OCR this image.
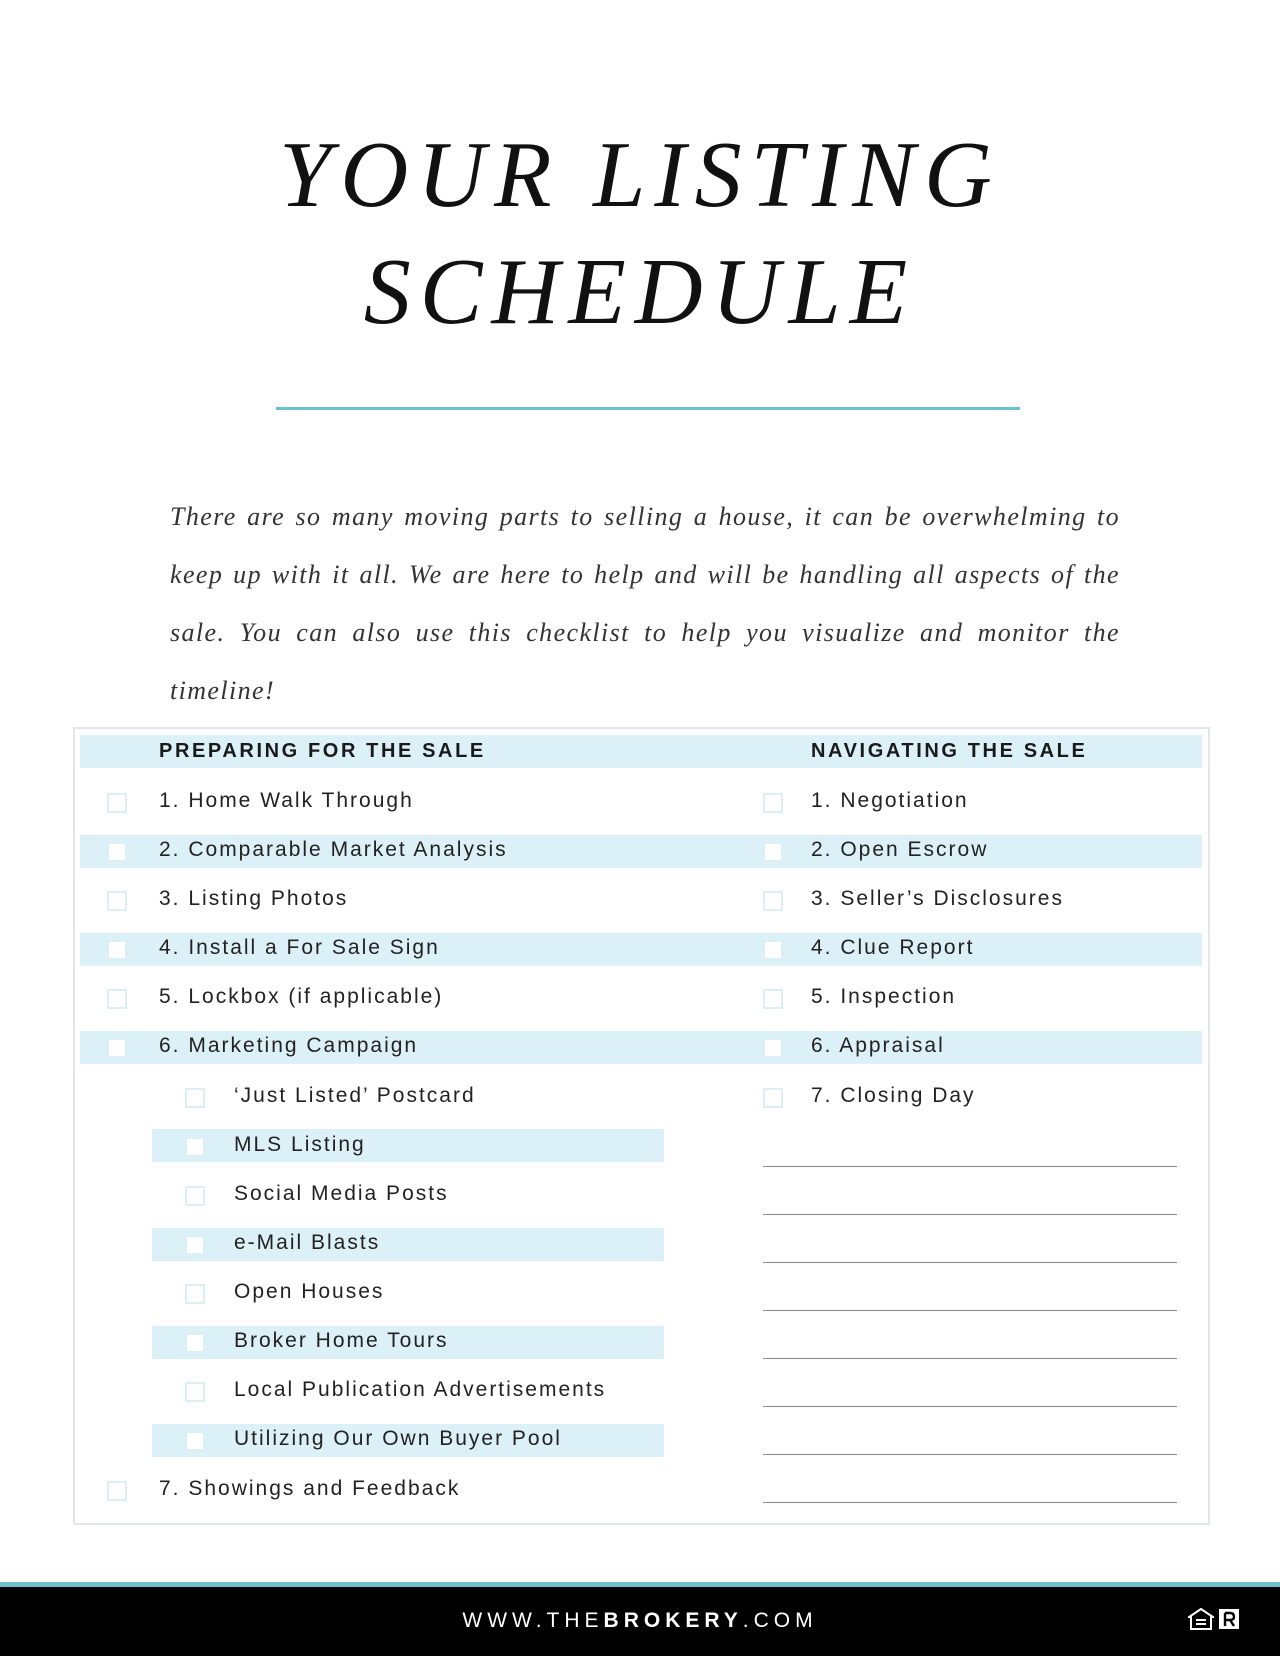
YOUR LISTING
SCHEDULE

There are so many moving parts to selling a house, it can be overwhelming to keep up with it all. We are here to help and will be handling all aspects of the sale. You can also use this checklist to help you visualize and monitor the timeline!

PREPARING FOR THE SALE	NAVIGATING THE SALE
1. Home Walk Through
2. Comparable Market Analysis
3. Listing Photos
4. Install a For Sale Sign
5. Lockbox (if applicable)
6. Marketing Campaign
‘Just Listed’ Postcard
MLS Listing
Social Media Posts
e-Mail Blasts
Open Houses
Broker Home Tours
Local Publication Advertisements
Utilizing Our Own Buyer Pool
7. Showings and Feedback
1. Negotiation
2. Open Escrow
3. Seller’s Disclosures
4. Clue Report
5. Inspection
6. Appraisal
7. Closing Day
WWW.THEBROKERY.COM
